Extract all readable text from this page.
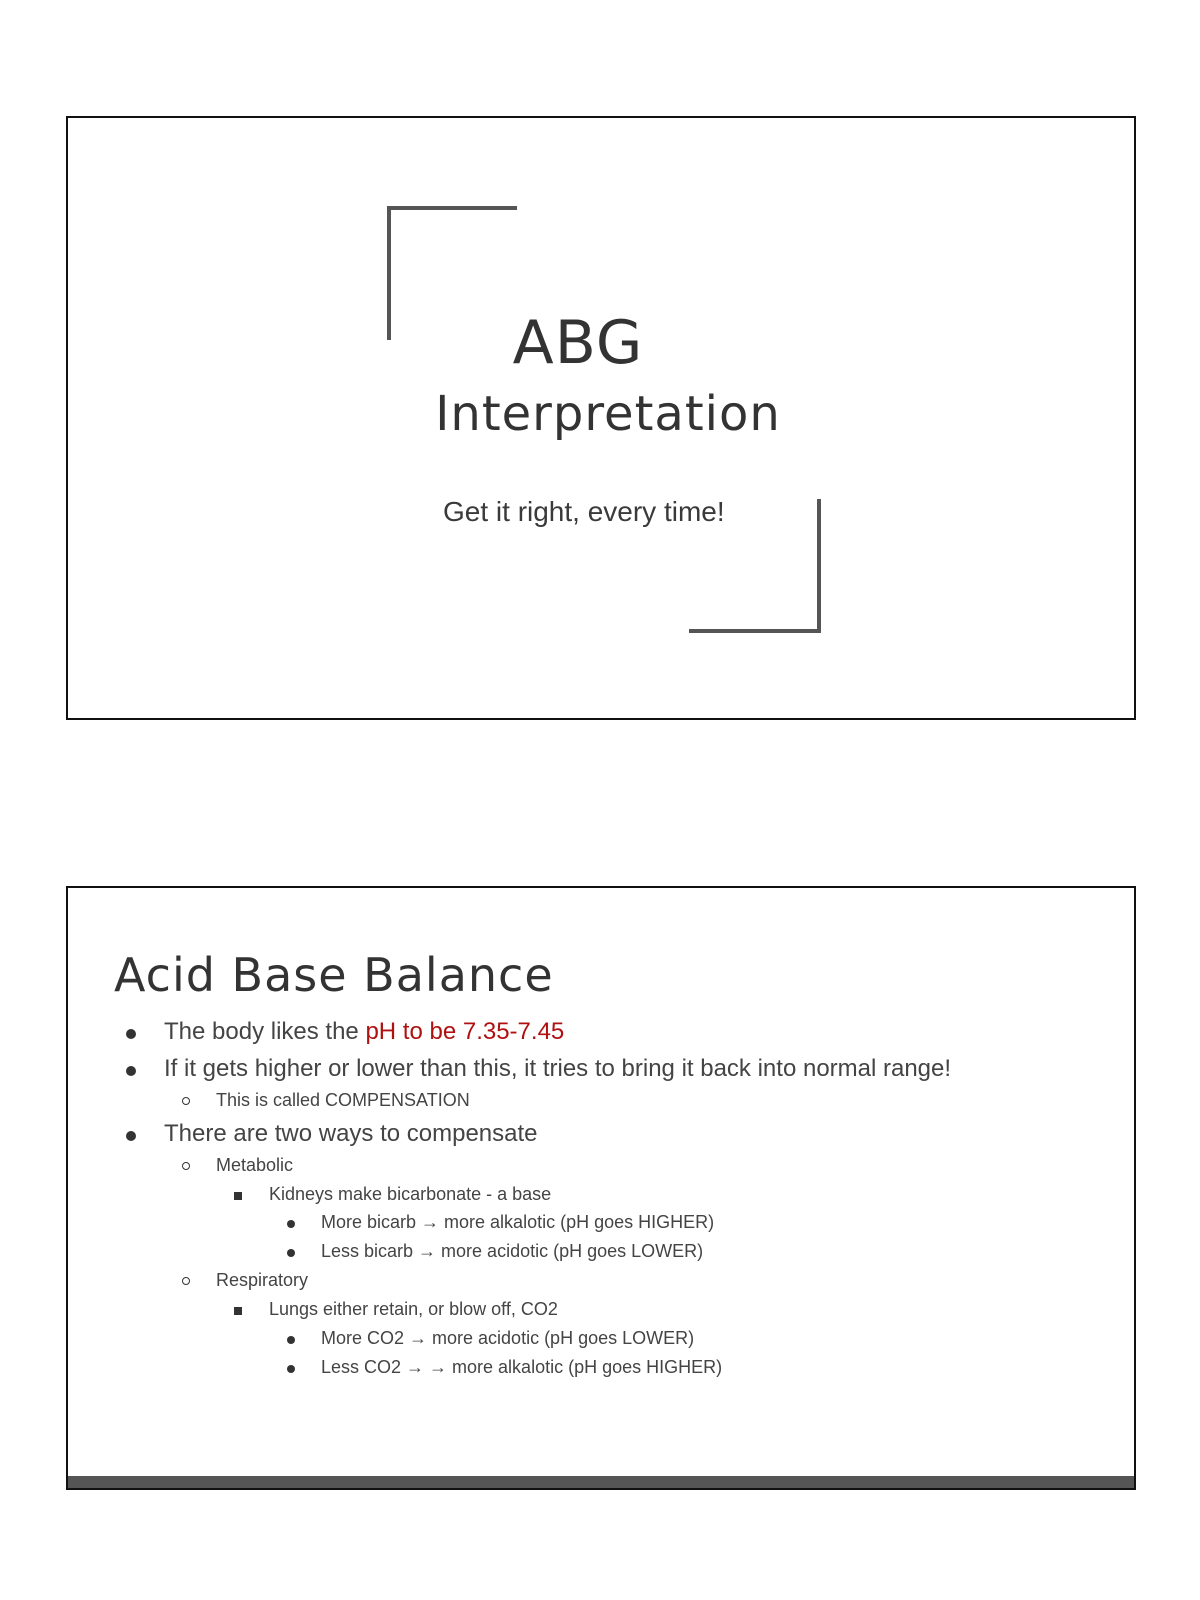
ABG
Interpretation
Get it right, every time!
Acid Base Balance
The body likes the pH to be 7.35-7.45
If it gets higher or lower than this, it tries to bring it back into normal range!
This is called COMPENSATION
There are two ways to compensate
Metabolic
Kidneys make bicarbonate - a base
More bicarb → more alkalotic (pH goes HIGHER)
Less bicarb → more acidotic (pH goes LOWER)
Respiratory
Lungs either retain, or blow off, CO2
More CO2 → more acidotic (pH goes LOWER)
Less CO2 → → more alkalotic (pH goes HIGHER)
